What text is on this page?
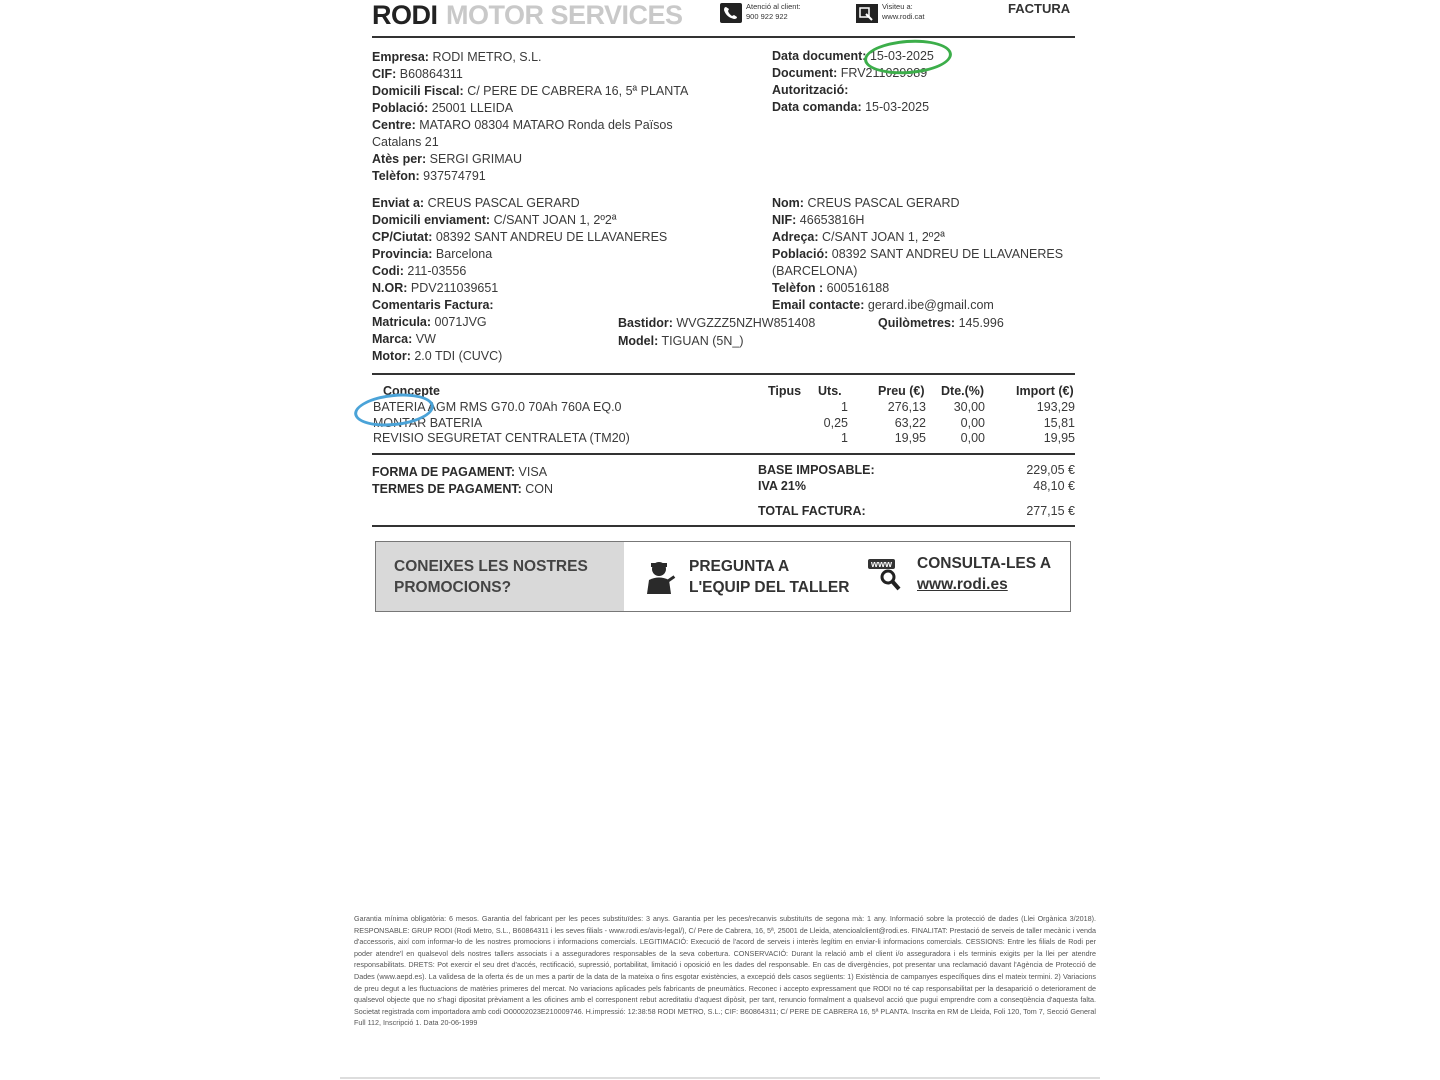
RODI MOTOR SERVICES	Atenció al client:
900 922 922
Visiteu a:
www.rodi.cat
FACTURA
Empresa: RODI METRO, S.L.
CIF: B60864311
Domicili Fiscal: C/ PERE DE CABRERA 16, 5ª PLANTA
Població: 25001 LLEIDA
Centre: MATARO 08304 MATARO Ronda dels Països
Catalans 21
Atès per: SERGI GRIMAU
Telèfon: 937574791
Data document: 15-03-2025
Document: FRV211029989
Autorització:
Data comanda: 15-03-2025
Enviat a: CREUS PASCAL GERARD
Domicili enviament: C/SANT JOAN 1, 2º2ª
CP/Ciutat: 08392 SANT ANDREU DE LLAVANERES
Provincia: Barcelona
Codi: 211-03556
N.OR: PDV211039651
Comentaris Factura:
Matricula: 0071JVG
Marca: VW
Motor: 2.0 TDI (CUVC)
Bastidor: WVGZZZ5NZHW851408
Model: TIGUAN (5N_)
Quilòmetres: 145.996
Nom: CREUS PASCAL GERARD
NIF: 46653816H
Adreça: C/SANT JOAN 1, 2º2ª
Població: 08392 SANT ANDREU DE LLAVANERES
(BARCELONA)
Telèfon : 600516188
Email contacte: gerard.ibe@gmail.com
Concepte	Tipus Uts.	Preu (€) Dte.(%)	Import (€)
BATERIA AGM RMS G70.0 70Ah 760A EQ.0	1	276,13	30,00	193,29
MONTAR BATERIA	0,25	63,22	0,00	15,81
REVISIO SEGURETAT CENTRALETA (TM20)	1	19,95	0,00	19,95
FORMA DE PAGAMENT: VISA
TERMES DE PAGAMENT: CON
BASE IMPOSABLE:	229,05 €
IVA 21%	48,10 €
TOTAL FACTURA:	277,15 €
CONEIXES LES NOSTRES
PROMOCIONS?
PREGUNTA A
L'EQUIP DEL TALLER
www CONSULTA-LES A
www.rodi.es
Garantia mínima obligatòria: 6 mesos. Garantia del fabricant per les peces substituïdes: 3 anys. Garantia per les peces/recanvis substituïts de segona mà: 1 any. Informació sobre la protecció de dades (Llei Orgànica 3/2018). RESPONSABLE: GRUP RODI (Rodi Metro, S.L., B60864311 i les seves filials - www.rodi.es/avis-legal/), C/ Pere de Cabrera, 16, 5ª, 25001 de Lleida, atencioalclient@rodi.es. FINALITAT: Prestació de serveis de taller mecànic i venda d'accessoris, així com informar-lo de les nostres promocions i informacions comercials. LEGITIMACIÓ: Execució de l'acord de serveis i interès legítim en enviar-li informacions comercials. CESSIONS: Entre les filials de Rodi per poder atendre'l en qualsevol dels nostres tallers associats i a asseguradores responsables de la seva cobertura. CONSERVACIÓ: Durant la relació amb el client i/o asseguradora i els terminis exigits per la llei per atendre responsabilitats. DRETS: Pot exercir el seu dret d'accés, rectificació, supressió, portabilitat, limitació i oposició en les dades del responsable. En cas de divergències, pot presentar una reclamació davant l'Agència de Protecció de Dades (www.aepd.es). La validesa de la oferta és de un mes a partir de la data de la mateixa o fins esgotar existències, a excepció dels casos següents: 1) Existència de campanyes específiques dins el mateix termini. 2) Variacions de preu degut a les fluctuacions de matèries primeres del mercat. No variacions aplicades pels fabricants de pneumàtics. Reconec i accepto expressament que RODI no té cap responsabilitat per la desaparició o deteriorament de qualsevol objecte que no s'hagi dipositat prèviament a les oficines amb el corresponent rebut acreditatiu d'aquest dipòsit, per tant, renuncio formalment a qualsevol acció que pugui emprendre com a conseqüència d'aquesta falta. Societat registrada com importadora amb codi O00002023E210009746. H.impressió: 12:38:58 RODI METRO, S.L.; CIF: B60864311; C/ PERE DE CABRERA 16, 5ª PLANTA. Inscrita en RM de Lleida, Foli 120, Tom 7, Secció General Full 112, Inscripció 1. Data 20-06-1999
